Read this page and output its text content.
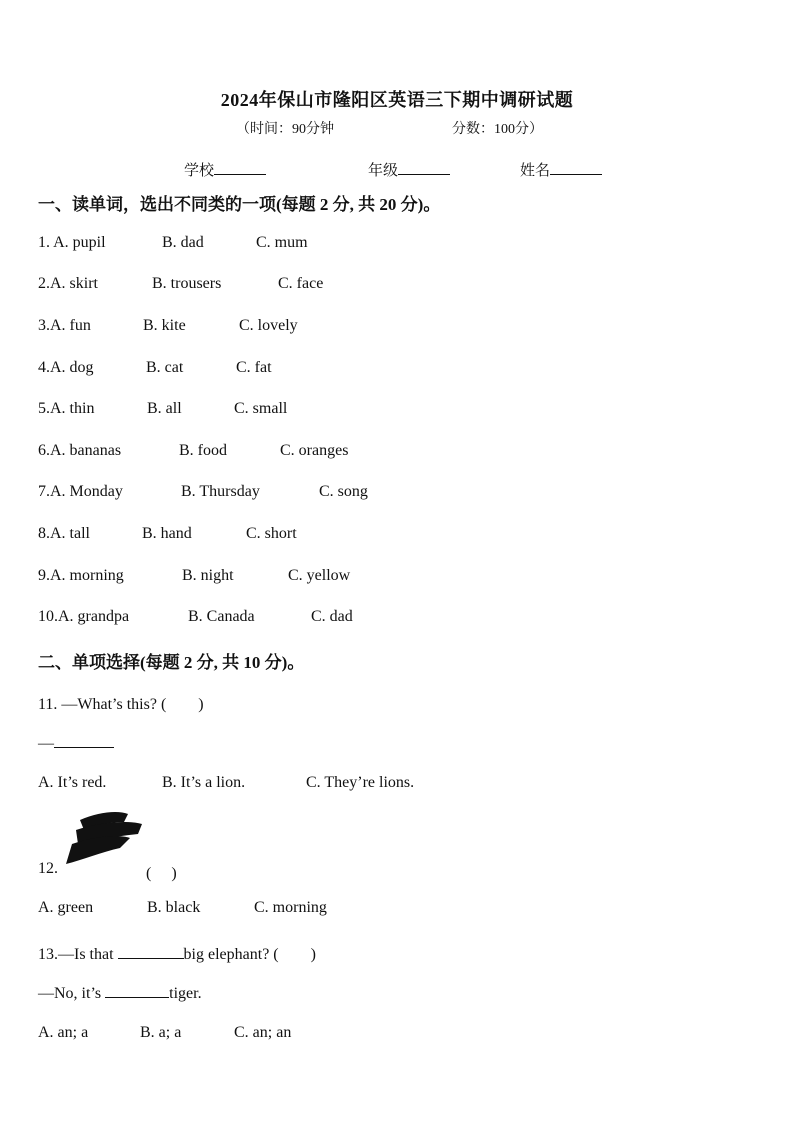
2024年保山市隆阳区英语三下期中调研试题
（时间：90分钟	分数：100分）
学校	年级	姓名
一、读单词，选出不同类的一项(每题 2 分, 共 20 分)。
1. A. pupil	B. dad	C. mum
2.A. skirt	B. trousers	C. face
3.A. fun	B. kite	C. lovely
4.A. dog	B. cat	C. fat
5.A. thin	B. all	C. small
6.A. bananas	B. food	C. oranges
7.A. Monday	B. Thursday	C. song
8.A. tall	B. hand	C. short
9.A. morning	B. night	C. yellow
10.A. grandpa	B. Canada	C. dad
二、单项选择(每题 2 分, 共 10 分)。
11. —What’s this? (　　)
—
A. It’s red.	B. It’s a lion.	C. They’re lions.
12.	(　 )
A. green	B. black	C. morning
13.—Is that	big elephant? (　　)
—No, it’s	tiger.
A. an; a	B. a; a	C. an; an
